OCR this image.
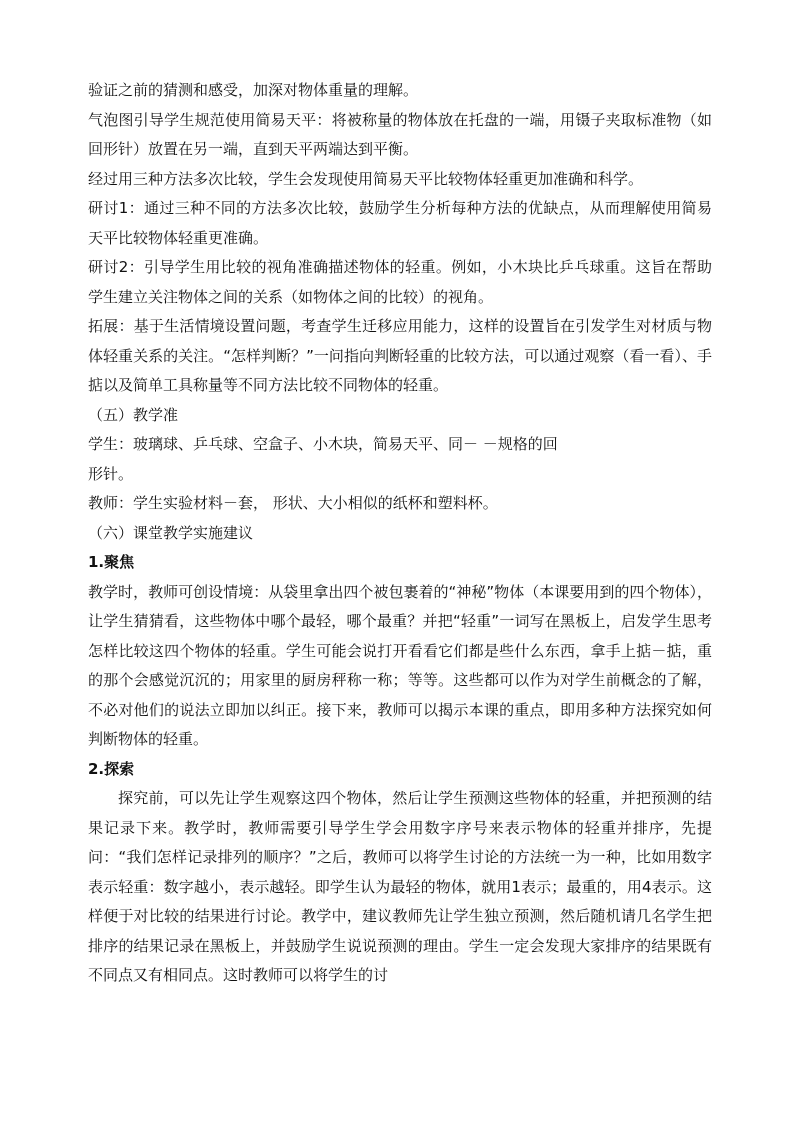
验证之前的猜测和感受，加深对物体重量的理解。

气泡图引导学生规范使用简易天平：将被称量的物体放在托盘的一端，用镊子夹取标准物（如回形针）放置在另一端，直到天平两端达到平衡。

经过用三种方法多次比较，学生会发现使用简易天平比较物体轻重更加准确和科学。

研讨1：通过三种不同的方法多次比较，鼓励学生分析每种方法的优缺点，从而理解使用简易天平比较物体轻重更准确。

研讨2：引导学生用比较的视角准确描述物体的轻重。例如，小木块比乒乓球重。这旨在帮助学生建立关注物体之间的关系（如物体之间的比较）的视角。

拓展：基于生活情境设置问题，考查学生迁移应用能力，这样的设置旨在引发学生对材质与物体轻重关系的关注。“怎样判断？”一问指向判断轻重的比较方法，可以通过观察（看一看）、手掂以及简单工具称量等不同方法比较不同物体的轻重。

（五）教学准

学生：玻璃球、乒乓球、空盒子、小木块，简易天平、同－ －规格的回

形针。

教师：学生实验材料－套， 形状、大小相似的纸杯和塑料杯。

（六）课堂教学实施建议

1.聚焦

教学时，教师可创设情境：从袋里拿出四个被包裹着的“神秘”物体（本课要用到的四个物体），让学生猜猜看，这些物体中哪个最轻，哪个最重？并把“轻重”一词写在黑板上，启发学生思考怎样比较这四个物体的轻重。学生可能会说打开看看它们都是些什么东西，拿手上掂－掂，重的那个会感觉沉沉的；用家里的厨房秤称一称；等等。这些都可以作为对学生前概念的了解，不必对他们的说法立即加以纠正。接下来，教师可以揭示本课的重点，即用多种方法探究如何判断物体的轻重。

2.探索

探究前，可以先让学生观察这四个物体，然后让学生预测这些物体的轻重，并把预测的结果记录下来。教学时，教师需要引导学生学会用数字序号来表示物体的轻重并排序，先提问：“我们怎样记录排列的顺序？”之后，教师可以将学生讨论的方法统一为一种，比如用数字表示轻重：数字越小，表示越轻。即学生认为最轻的物体，就用1表示；最重的，用4表示。这样便于对比较的结果进行讨论。教学中，建议教师先让学生独立预测，然后随机请几名学生把排序的结果记录在黑板上，并鼓励学生说说预测的理由。学生一定会发现大家排序的结果既有不同点又有相同点。这时教师可以将学生的讨
